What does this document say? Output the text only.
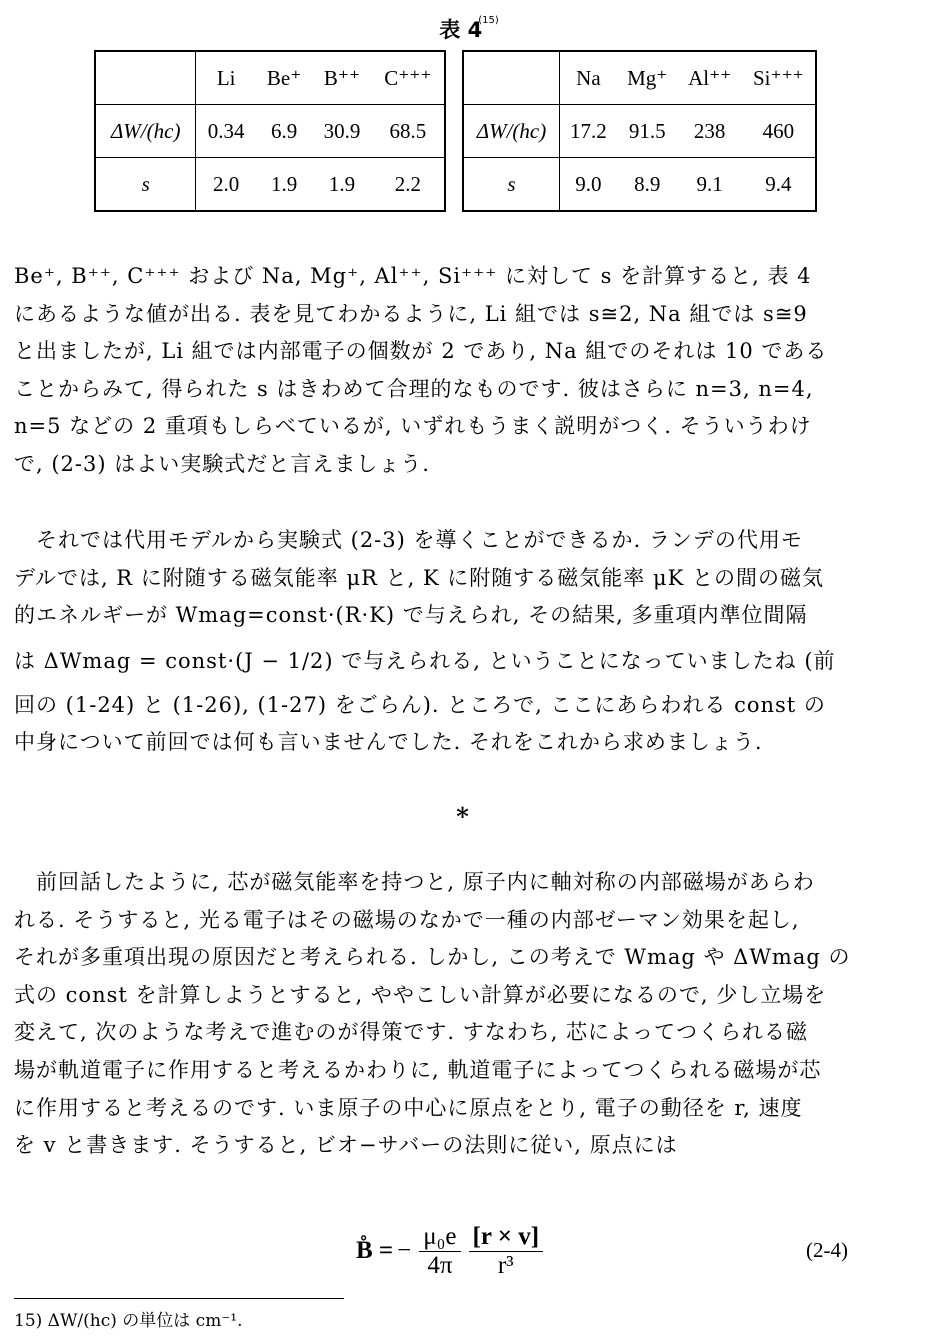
表 4$^{(15)}$
	Li	Be⁺	B⁺⁺	C⁺⁺⁺
ΔW/(hc)	0.34	6.9	30.9	68.5
s	2.0	1.9	1.9	2.2
	Na	Mg⁺	Al⁺⁺	Si⁺⁺⁺
ΔW/(hc)	17.2	91.5	238	460
s	9.0	8.9	9.1	9.4
Be⁺, B⁺⁺, C⁺⁺⁺ および Na, Mg⁺, Al⁺⁺, Si⁺⁺⁺ に対して s を計算すると, 表 4
にあるような値が出る. 表を見てわかるように, Li 組では s≅2, Na 組では s≅9
と出ましたが, Li 組では内部電子の個数が 2 であり, Na 組でのそれは 10 である
ことからみて, 得られた s はきわめて合理的なものです. 彼はさらに n=3, n=4,
n=5 などの 2 重項もしらべているが, いずれもうまく説明がつく. そういうわけ
で, (2-3) はよい実験式だと言えましょう.
　それでは代用モデルから実験式 (2-3) を導くことができるか. ランデの代用モ
デルでは, R に附随する磁気能率 μR と, K に附随する磁気能率 μK との間の磁気
的エネルギーが Wmag=const·(R·K) で与えられ, その結果, 多重項内準位間隔
は ΔWmag = const·(J − 1/2) で与えられる, ということになっていましたね (前
回の (1-24) と (1-26), (1-27) をごらん). ところで, ここにあらわれる const の
中身について前回では何も言いませんでした. それをこれから求めましょう.
*
　前回話したように, 芯が磁気能率を持つと, 原子内に軸対称の内部磁場があらわ
れる. そうすると, 光る電子はその磁場のなかで一種の内部ゼーマン効果を起し,
それが多重項出現の原因だと考えられる. しかし, この考えで Wmag や ΔWmag の
式の const を計算しようとすると, ややこしい計算が必要になるので, 少し立場を
変えて, 次のような考えで進むのが得策です. すなわち, 芯によってつくられる磁
場が軌道電子に作用すると考えるかわりに, 軌道電子によってつくられる磁場が芯
に作用すると考えるのです. いま原子の中心に原点をとり, 電子の動径を r, 速度
を v と書きます. そうすると, ビオ−サバーの法則に従い, 原点には
B̊ = − $\frac{\text{μ₀e}}{4\pi} \frac{[r \times v]}{\text{r³}}$	(2-4)
15) ΔW/(hc) の単位は cm⁻¹.
